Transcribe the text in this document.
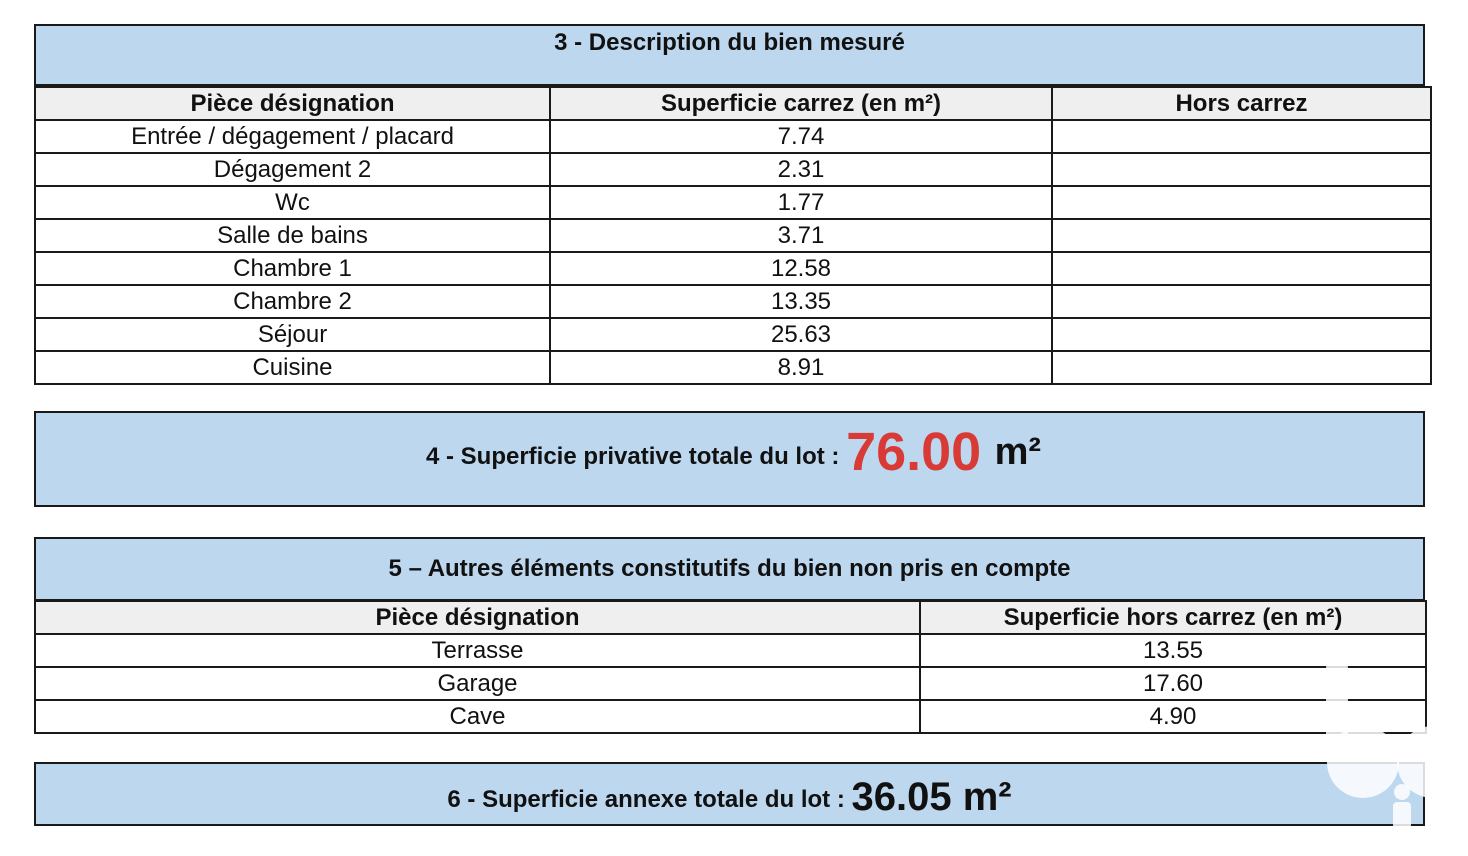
3 - Description du bien mesuré
Pièce désignation	Superficie carrez (en m²)	Hors carrez
Entrée / dégagement / placard	7.74	
Dégagement 2	2.31	
Wc	1.77	
Salle de bains	3.71	
Chambre 1	12.58	
Chambre 2	13.35	
Séjour	25.63	
Cuisine	8.91	
4 - Superficie privative totale du lot : 76.00 m²
5 – Autres éléments constitutifs du bien non pris en compte
Pièce désignation	Superficie hors carrez (en m²)
Terrasse	13.55
Garage	17.60
Cave	4.90
6 - Superficie annexe totale du lot : 36.05 m²
